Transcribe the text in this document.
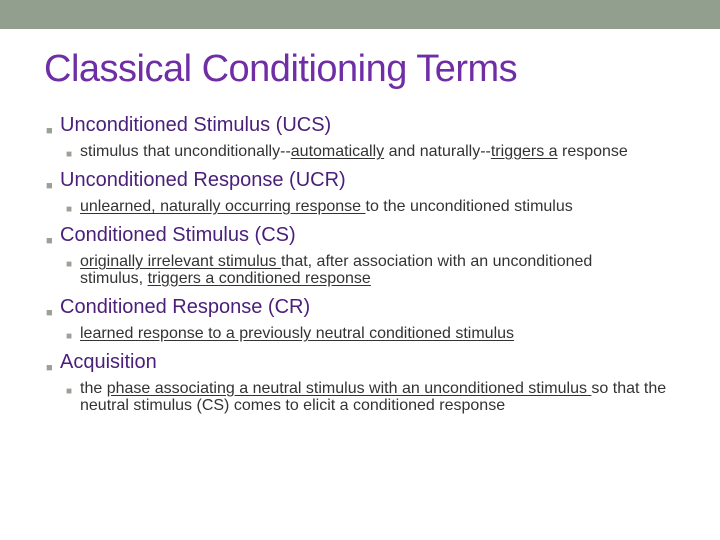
Classical Conditioning Terms
■ Unconditioned Stimulus (UCS)
■ stimulus that unconditionally--automatically and naturally--triggers a response
■ Unconditioned Response (UCR)
■ unlearned, naturally occurring response to the unconditioned stimulus
■ Conditioned Stimulus (CS)
■ originally irrelevant stimulus that, after association with an unconditioned stimulus, triggers a conditioned response
■ Conditioned Response (CR)
■ learned response to a previously neutral conditioned stimulus
■ Acquisition
■ the phase associating a neutral stimulus with an unconditioned stimulus so that the neutral stimulus (CS) comes to elicit a conditioned response
